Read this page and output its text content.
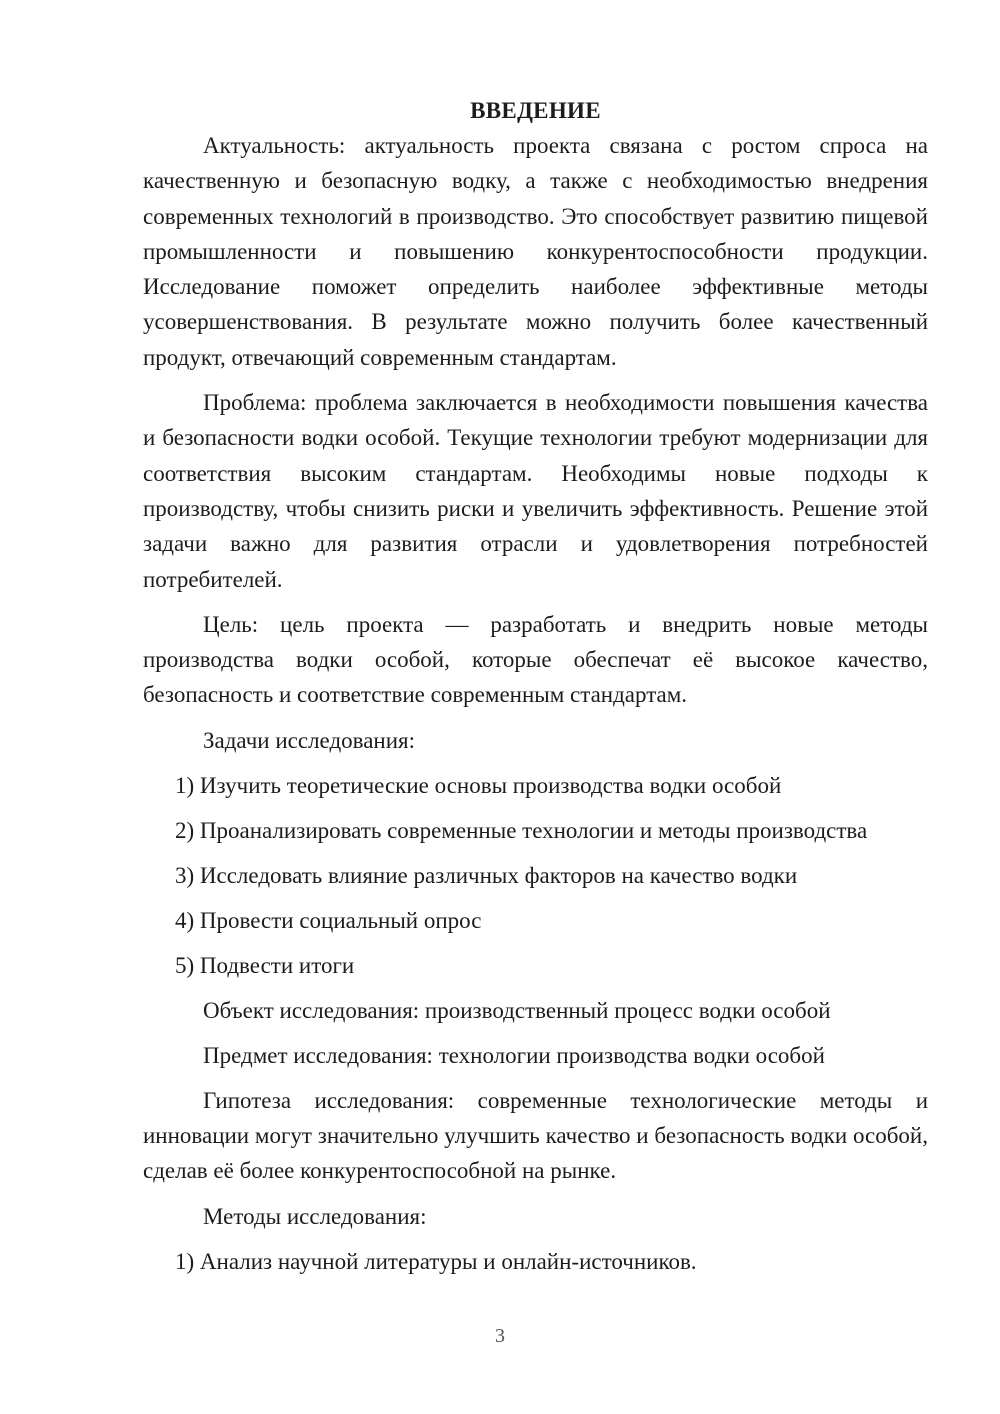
ВВЕДЕНИЕ

Актуальность: актуальность проекта связана с ростом спроса на качественную и безопасную водку, а также с необходимостью внедрения современных технологий в производство. Это способствует развитию пищевой промышленности и повышению конкурентоспособности продукции. Исследование поможет определить наиболее эффективные методы усовершенствования. В результате можно получить более качественный продукт, отвечающий современным стандартам.

Проблема: проблема заключается в необходимости повышения качества и безопасности водки особой. Текущие технологии требуют модернизации для соответствия высоким стандартам. Необходимы новые подходы к производству, чтобы снизить риски и увеличить эффективность. Решение этой задачи важно для развития отрасли и удовлетворения потребностей потребителей.

Цель: цель проекта — разработать и внедрить новые методы производства водки особой, которые обеспечат её высокое качество, безопасность и соответствие современным стандартам.

Задачи исследования:

1) Изучить теоретические основы производства водки особой

2) Проанализировать современные технологии и методы производства

3) Исследовать влияние различных факторов на качество водки

4) Провести социальный опрос

5) Подвести итоги

Объект исследования: производственный процесс водки особой

Предмет исследования: технологии производства водки особой

Гипотеза исследования: современные технологические методы и инновации могут значительно улучшить качество и безопасность водки особой, сделав её более конкурентоспособной на рынке.

Методы исследования:

1) Анализ научной литературы и онлайн-источников.

3
